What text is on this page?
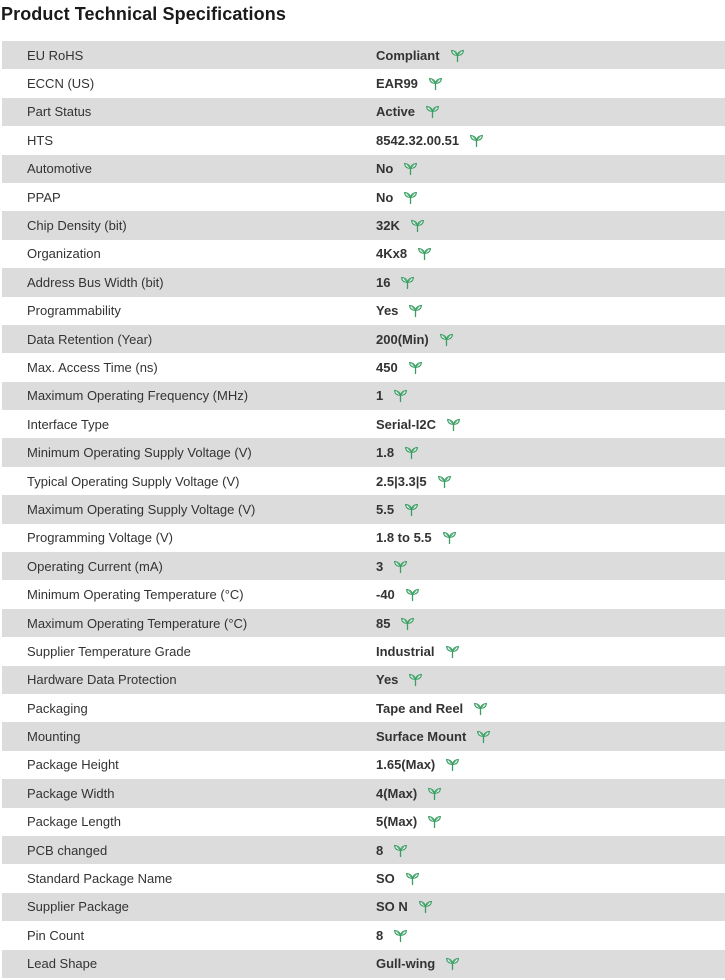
Product Technical Specifications
EU RoHS	Compliant
ECCN (US)	EAR99
Part Status	Active
HTS	8542.32.00.51
Automotive	No
PPAP	No
Chip Density (bit)	32K
Organization	4Kx8
Address Bus Width (bit)	16
Programmability	Yes
Data Retention (Year)	200(Min)
Max. Access Time (ns)	450
Maximum Operating Frequency (MHz)	1
Interface Type	Serial-I2C
Minimum Operating Supply Voltage (V)	1.8
Typical Operating Supply Voltage (V)	2.5|3.3|5
Maximum Operating Supply Voltage (V)	5.5
Programming Voltage (V)	1.8 to 5.5
Operating Current (mA)	3
Minimum Operating Temperature (°C)	-40
Maximum Operating Temperature (°C)	85
Supplier Temperature Grade	Industrial
Hardware Data Protection	Yes
Packaging	Tape and Reel
Mounting	Surface Mount
Package Height	1.65(Max)
Package Width	4(Max)
Package Length	5(Max)
PCB changed	8
Standard Package Name	SO
Supplier Package	SO N
Pin Count	8
Lead Shape	Gull-wing
